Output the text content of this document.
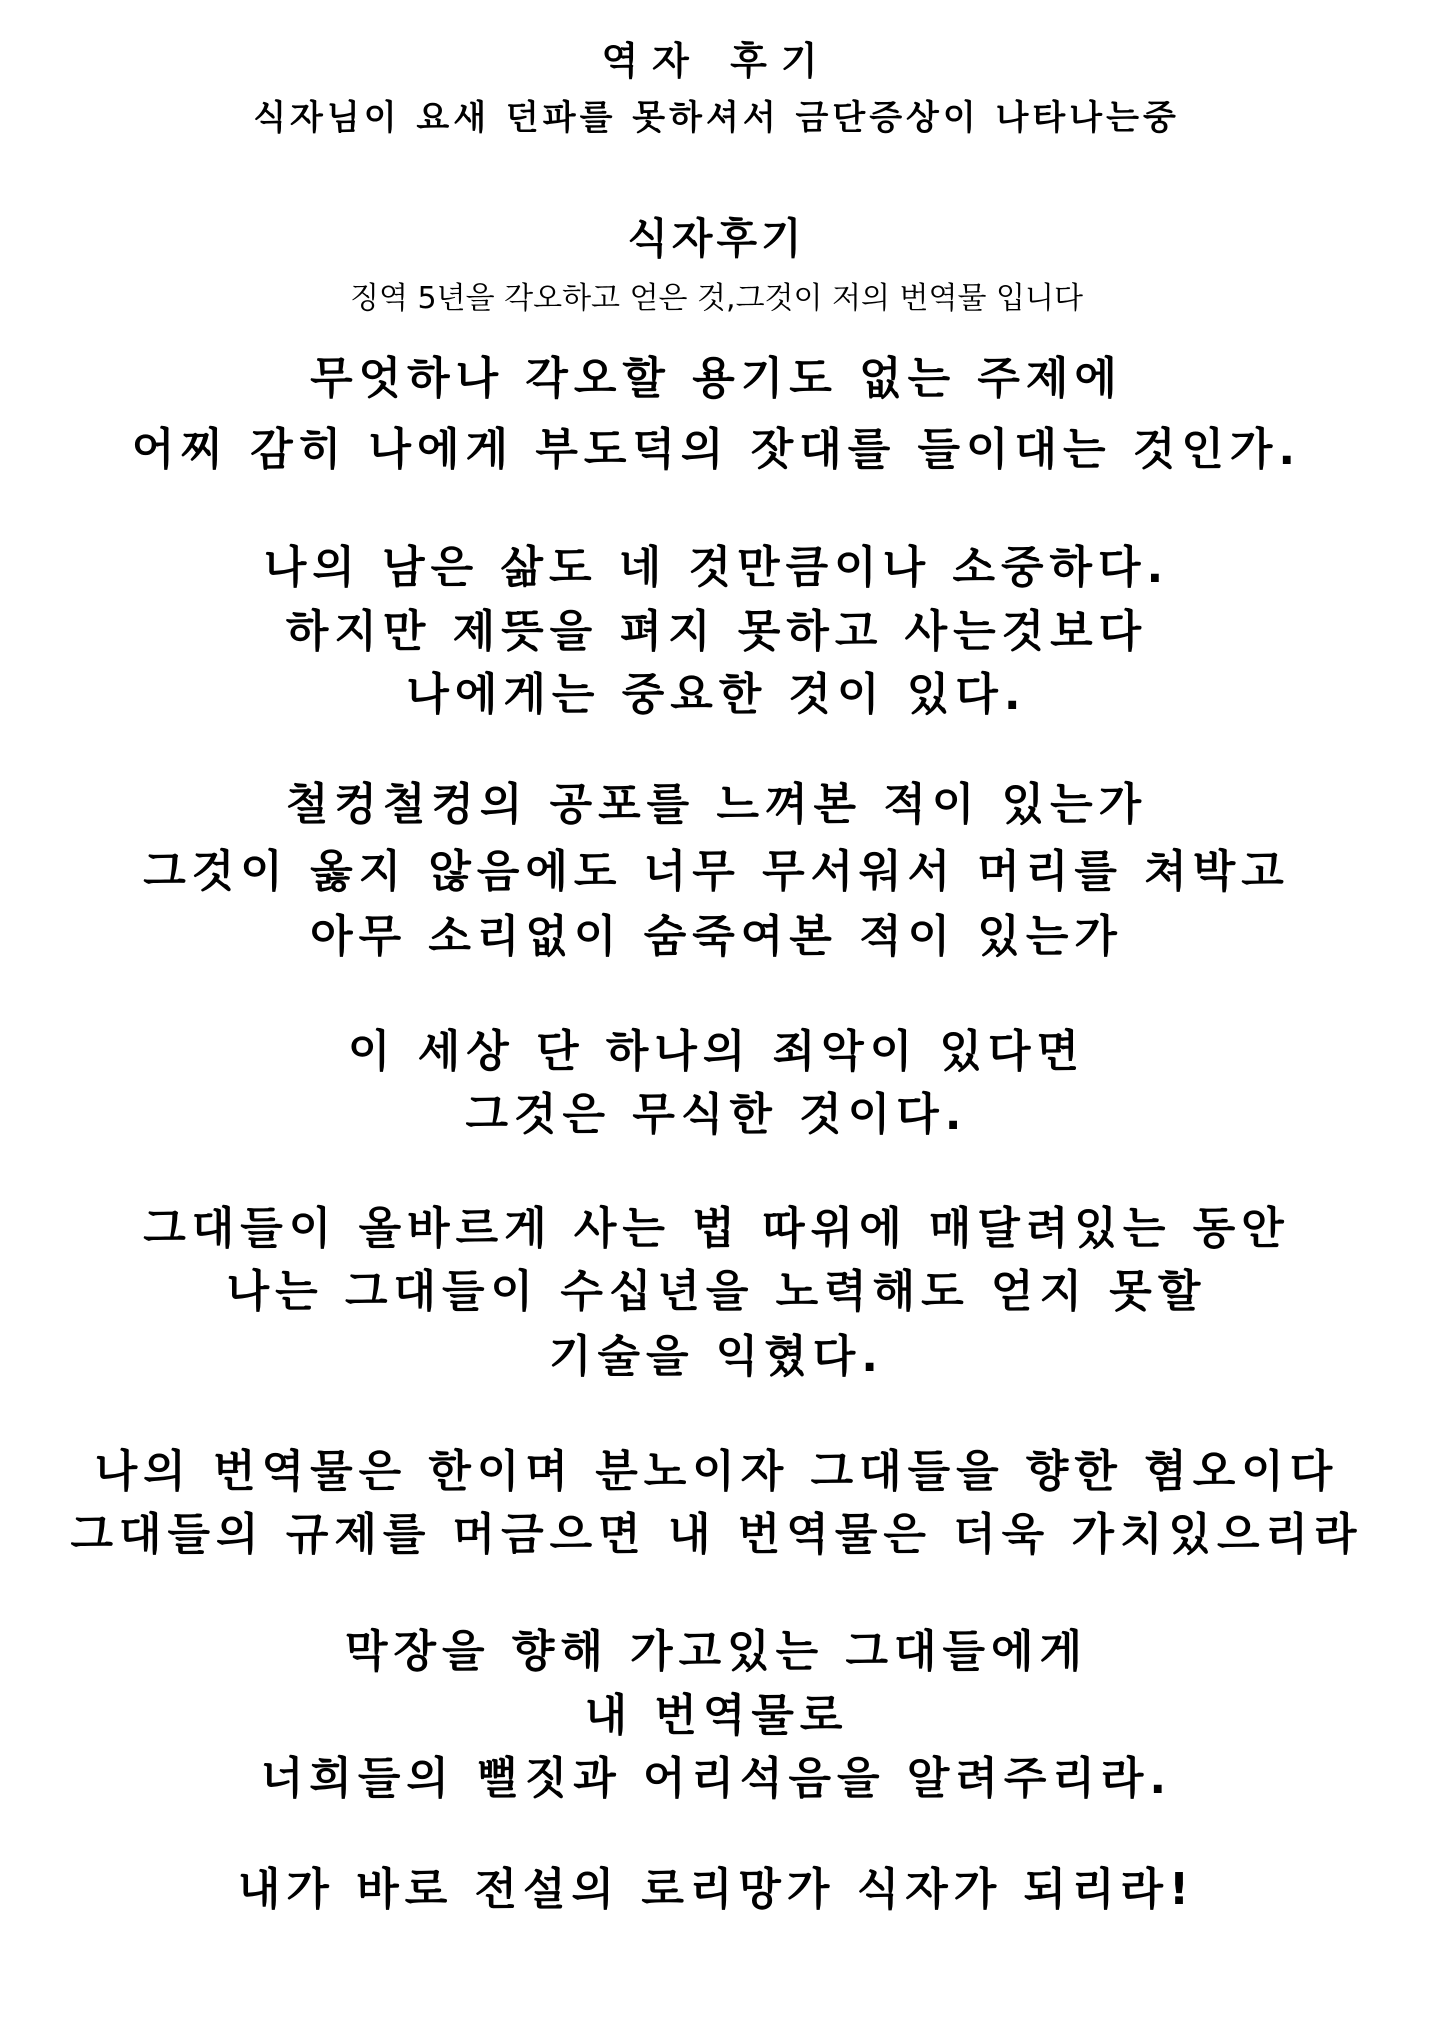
역자 후기
식자님이 요새 던파를 못하셔서 금단증상이 나타나는중
식자후기
징역 5년을 각오하고 얻은 것,그것이 저의 번역물 입니다
무엇하나 각오할 용기도 없는 주제에
어찌 감히 나에게 부도덕의 잣대를 들이대는 것인가.
나의 남은 삶도 네 것만큼이나 소중하다.
하지만 제뜻을 펴지 못하고 사는것보다
나에게는 중요한 것이 있다.
철컹철컹의 공포를 느껴본 적이 있는가
그것이 옳지 않음에도 너무 무서워서 머리를 쳐박고
아무 소리없이 숨죽여본 적이 있는가
이 세상 단 하나의 죄악이 있다면
그것은 무식한 것이다.
그대들이 올바르게 사는 법 따위에 매달려있는 동안
나는 그대들이 수십년을 노력해도 얻지 못할
기술을 익혔다.
나의 번역물은 한이며 분노이자 그대들을 향한 혐오이다
그대들의 규제를 머금으면 내 번역물은 더욱 가치있으리라
막장을 향해 가고있는 그대들에게
내 번역물로
너희들의 뻘짓과 어리석음을 알려주리라.
내가 바로 전설의 로리망가 식자가 되리라!
